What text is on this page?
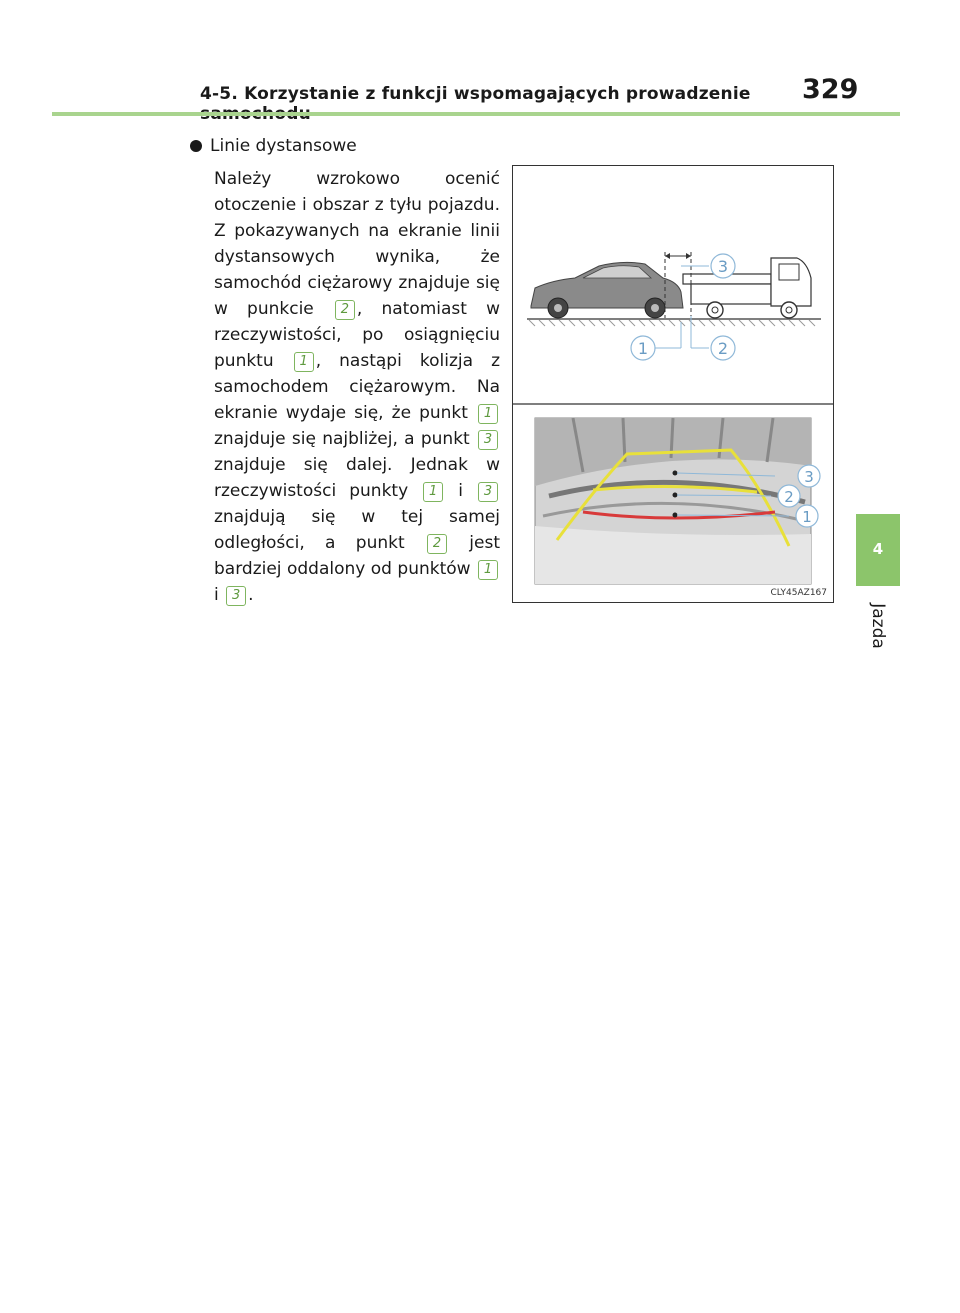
4-5. Korzystanie z funkcji wspomagających prowadzenie	329
4
Jazda
Linie dystansowe
Należy wzrokowo ocenić otoczenie i obszar z tyłu pojazdu. Z pokazywanych na ekranie linii dystansowych wynika, że samochód ciężarowy znajduje się w punkcie 2 , natomiast w rzeczywistości, po osiągnięciu punktu 1 , nastąpi kolizja z samochodem ciężarowym. Na ekranie wydaje się, że punkt 1 znajduje się najbliżej, a punkt 3 znajduje się dalej. Jednak w rzeczywistości punkty 1 i 3 znajdują się w tej samej odległości, a punkt 2 jest bardziej oddalony od punktów 1 i 3 .
3
1	2
3
2
1
CLY45AZ167
